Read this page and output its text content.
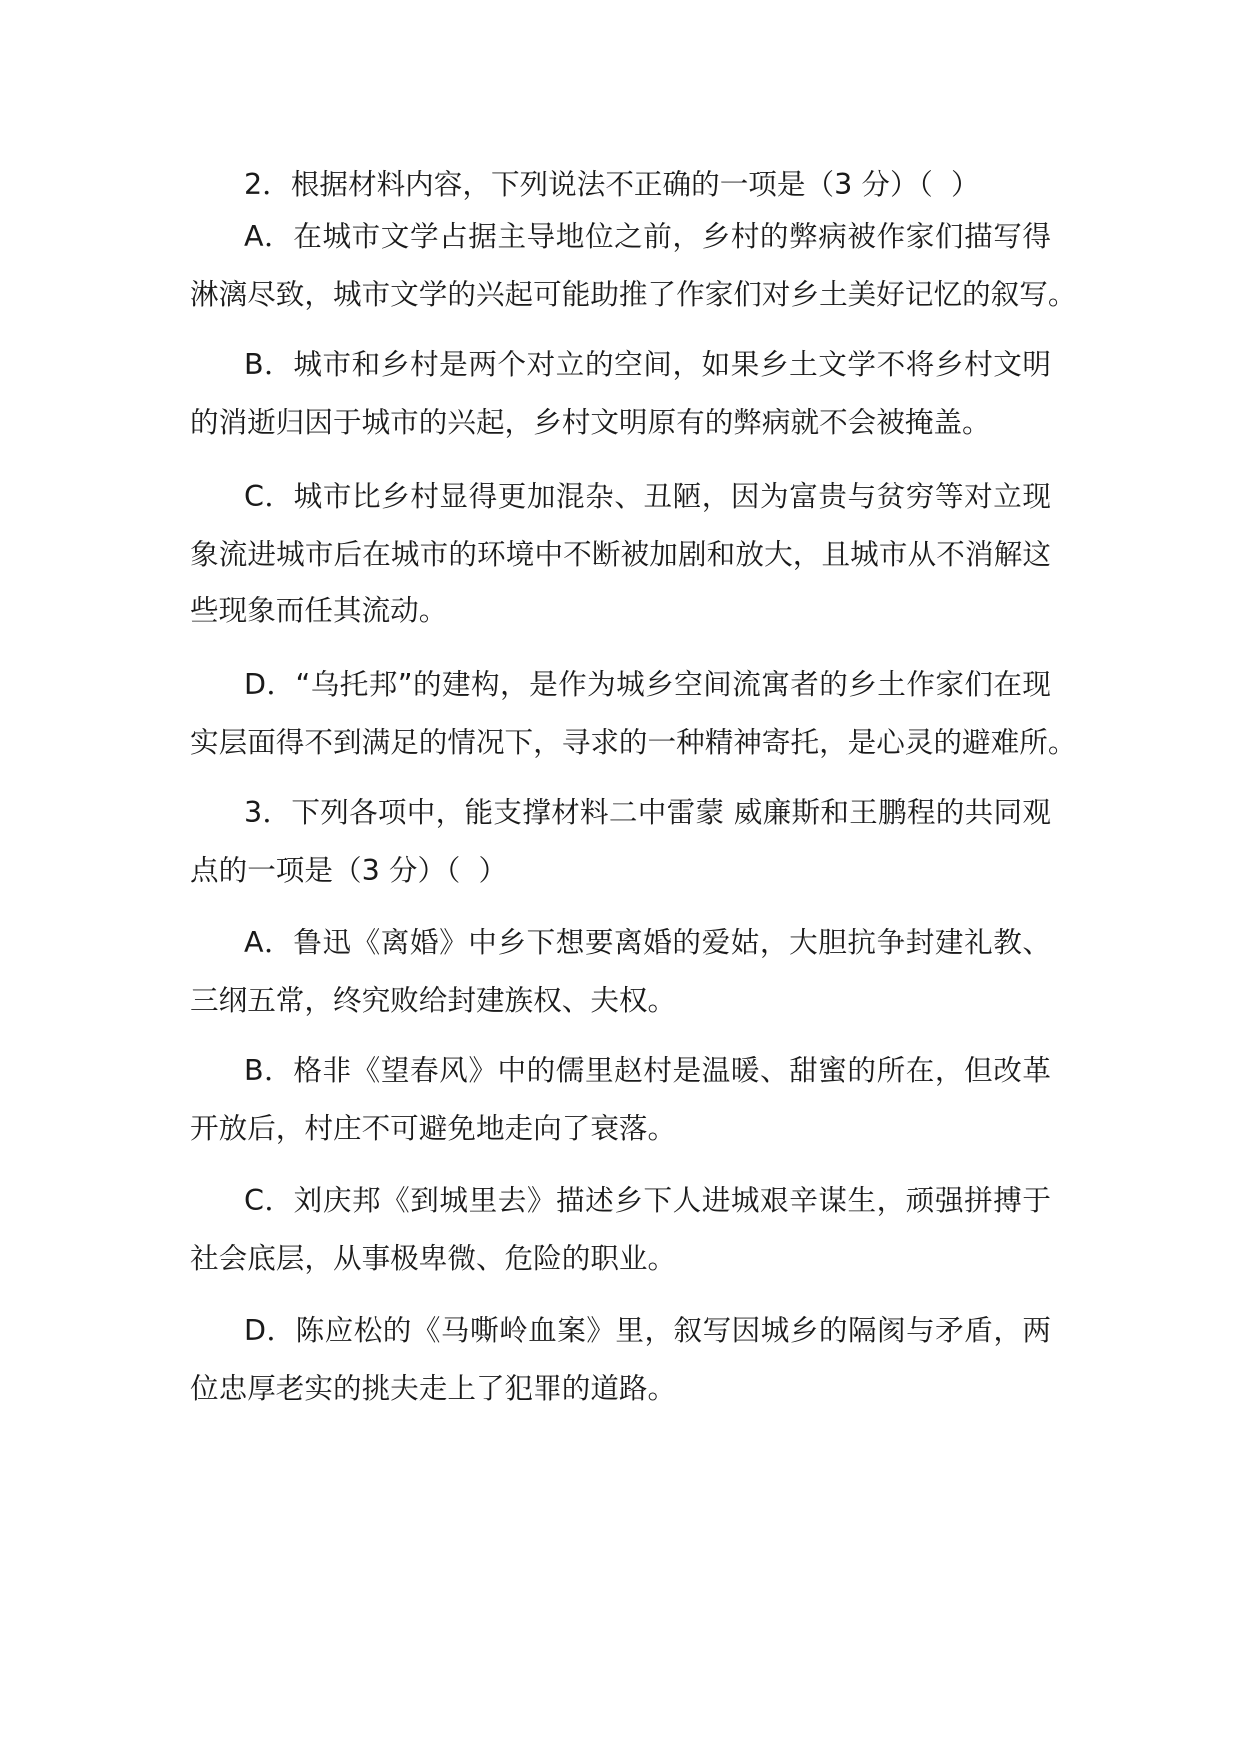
2．根据材料内容，下列说法不正确的一项是（3 分）（  ）
A．在城市文学占据主导地位之前，乡村的弊病被作家们描写得
淋漓尽致，城市文学的兴起可能助推了作家们对乡土美好记忆的叙写。
B．城市和乡村是两个对立的空间，如果乡土文学不将乡村文明
的消逝归因于城市的兴起，乡村文明原有的弊病就不会被掩盖。
C．城市比乡村显得更加混杂、丑陋，因为富贵与贫穷等对立现
象流进城市后在城市的环境中不断被加剧和放大，且城市从不消解这
些现象而任其流动。
D．“乌托邦”的建构，是作为城乡空间流寓者的乡土作家们在现
实层面得不到满足的情况下，寻求的一种精神寄托，是心灵的避难所。
3．下列各项中，能支撑材料二中雷蒙 威廉斯和王鹏程的共同观
点的一项是（3 分）（  ）
A．鲁迅《离婚》中乡下想要离婚的爱姑，大胆抗争封建礼教、
三纲五常，终究败给封建族权、夫权。
B．格非《望春风》中的儒里赵村是温暖、甜蜜的所在，但改革
开放后，村庄不可避免地走向了衰落。
C．刘庆邦《到城里去》描述乡下人进城艰辛谋生，顽强拼搏于
社会底层，从事极卑微、危险的职业。
D．陈应松的《马嘶岭血案》里，叙写因城乡的隔阂与矛盾，两
位忠厚老实的挑夫走上了犯罪的道路。
